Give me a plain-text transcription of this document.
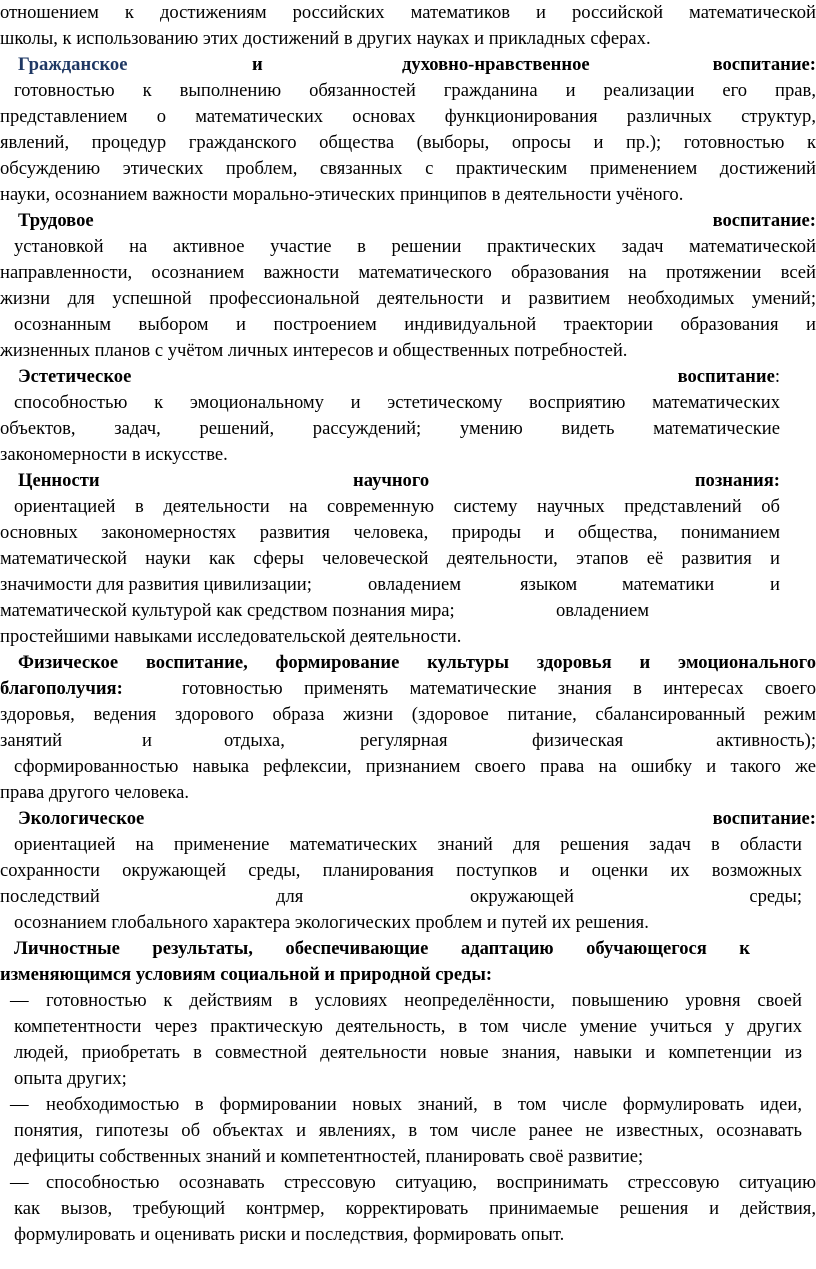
отношением к достижениям российских математиков и российской математической
школы, к использованию этих достижений в других науках и прикладных сферах.
Гражданское	и	духовно-нравственное	воспитание:
готовностью к выполнению обязанностей гражданина и реализации его прав,
представлением о математических основах функционирования различных структур,
явлений, процедур гражданского общества (выборы, опросы и пр.); готовностью к
обсуждению этических проблем, связанных с практическим применением достижений
науки, осознанием важности морально-этических принципов в деятельности учёного.
Трудовое	воспитание:
установкой на активное участие в решении практических задач математической
направленности, осознанием важности математического образования на протяжении всей
жизни для успешной профессиональной деятельности и развитием необходимых умений;
осознанным выбором и построением индивидуальной траектории образования и
жизненных планов с учётом личных интересов и общественных потребностей.
Эстетическое	воспитание:
способностью к эмоциональному и эстетическому восприятию математических
объектов, задач, решений, рассуждений; умению видеть математические
закономерности в искусстве.
Ценности	научного	познания:
ориентацией в деятельности на современную систему научных представлений об
основных закономерностях развития человека, природы и общества, пониманием
математической науки как сферы человеческой деятельности, этапов её развития и
значимости для развития цивилизации;	овладением	языком математики	и
математической культурой как средством познания мира;	овладением
простейшими навыками исследовательской деятельности.
Физическое воспитание, формирование культуры здоровья и эмоционального
благополучия:	готовностью применять математические знания в интересах своего
здоровья, ведения здорового образа жизни (здоровое питание, сбалансированный режим
занятий	и	отдыха,	регулярная	физическая	активность);
сформированностью навыка рефлексии, признанием своего права на ошибку и такого же
права другого человека.
Экологическое	воспитание:
ориентацией на применение математических знаний для решения задач в области
сохранности окружающей среды, планирования поступков и оценки их возможных
последствий	для	окружающей	среды;
осознанием глобального характера экологических проблем и путей их решения.
Личностные результаты, обеспечивающие адаптацию обучающегося к
изменяющимся условиям социальной и природной среды:
— готовностью к действиям в условиях неопределённости, повышению уровня своей
компетентности через практическую деятельность, в том числе умение учиться у других
людей, приобретать в совместной деятельности новые знания, навыки и компетенции из
опыта других;
— необходимостью в формировании новых знаний, в том числе формулировать идеи,
понятия, гипотезы об объектах и явлениях, в том числе ранее не известных, осознавать
дефициты собственных знаний и компетентностей, планировать своё развитие;
— способностью осознавать стрессовую ситуацию, воспринимать стрессовую ситуацию
как вызов, требующий контрмер, корректировать принимаемые решения и действия,
формулировать и оценивать риски и последствия, формировать опыт.
